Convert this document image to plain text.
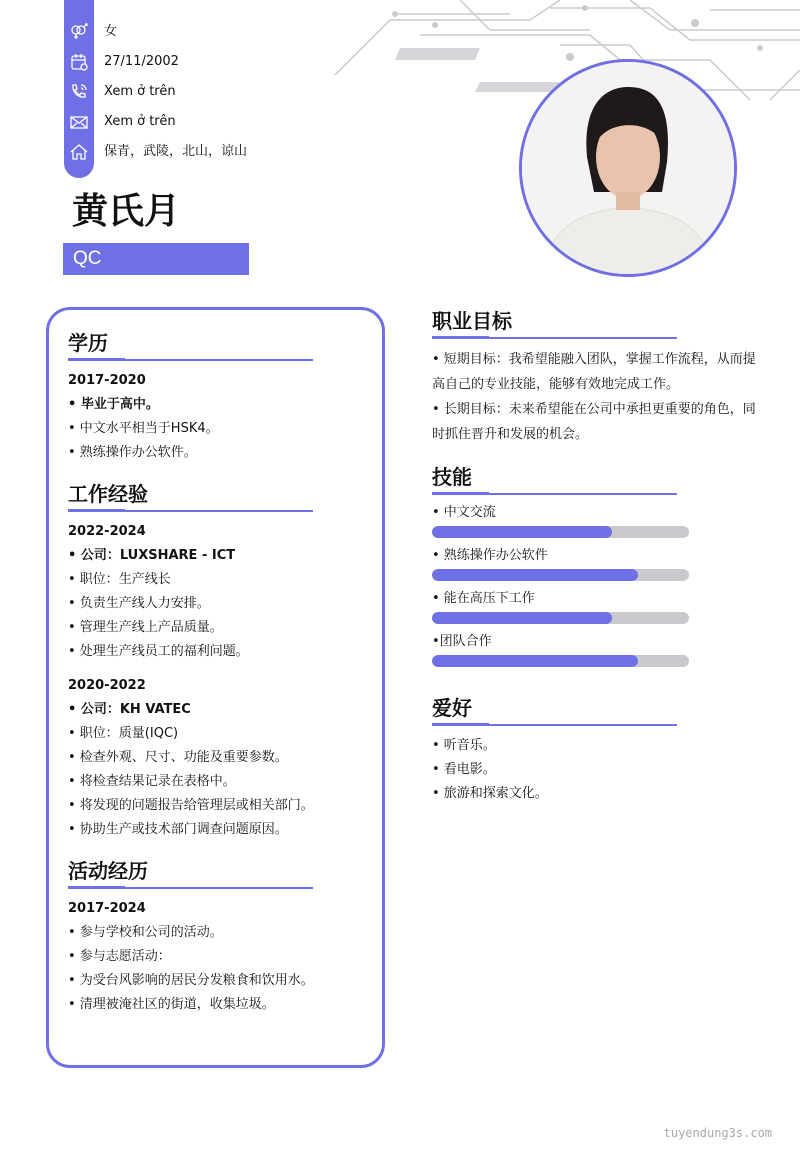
女
27/11/2002
Xem ở trên
Xem ở trên
保青，武陵，北山，谅山
黄氏月
QC
学历
2017-2020
• 毕业于高中。
• 中文水平相当于HSK4。
• 熟练操作办公软件。
工作经验
2022-2024
• 公司：LUXSHARE - ICT
• 职位：生产线长
• 负责生产线人力安排。
• 管理生产线上产品质量。
• 处理生产线员工的福利问题。
2020-2022
• 公司：KH VATEC
• 职位：质量(IQC)
• 检查外观、尺寸、功能及重要参数。
• 将检查结果记录在表格中。
• 将发现的问题报告给管理层或相关部门。
• 协助生产或技术部门调查问题原因。
活动经历
2017-2024
• 参与学校和公司的活动。
• 参与志愿活动：
• 为受台风影响的居民分发粮食和饮用水。
• 清理被淹社区的街道，收集垃圾。
职业目标
• 短期目标：我希望能融入团队，掌握工作流程，从而提高自己的专业技能，能够有效地完成工作。
• 长期目标：未来希望能在公司中承担更重要的角色，同时抓住晋升和发展的机会。
技能
• 中文交流
• 熟练操作办公软件
• 能在高压下工作
•团队合作
爱好
• 听音乐。
• 看电影。
• 旅游和探索文化。
tuyendung3s.com
